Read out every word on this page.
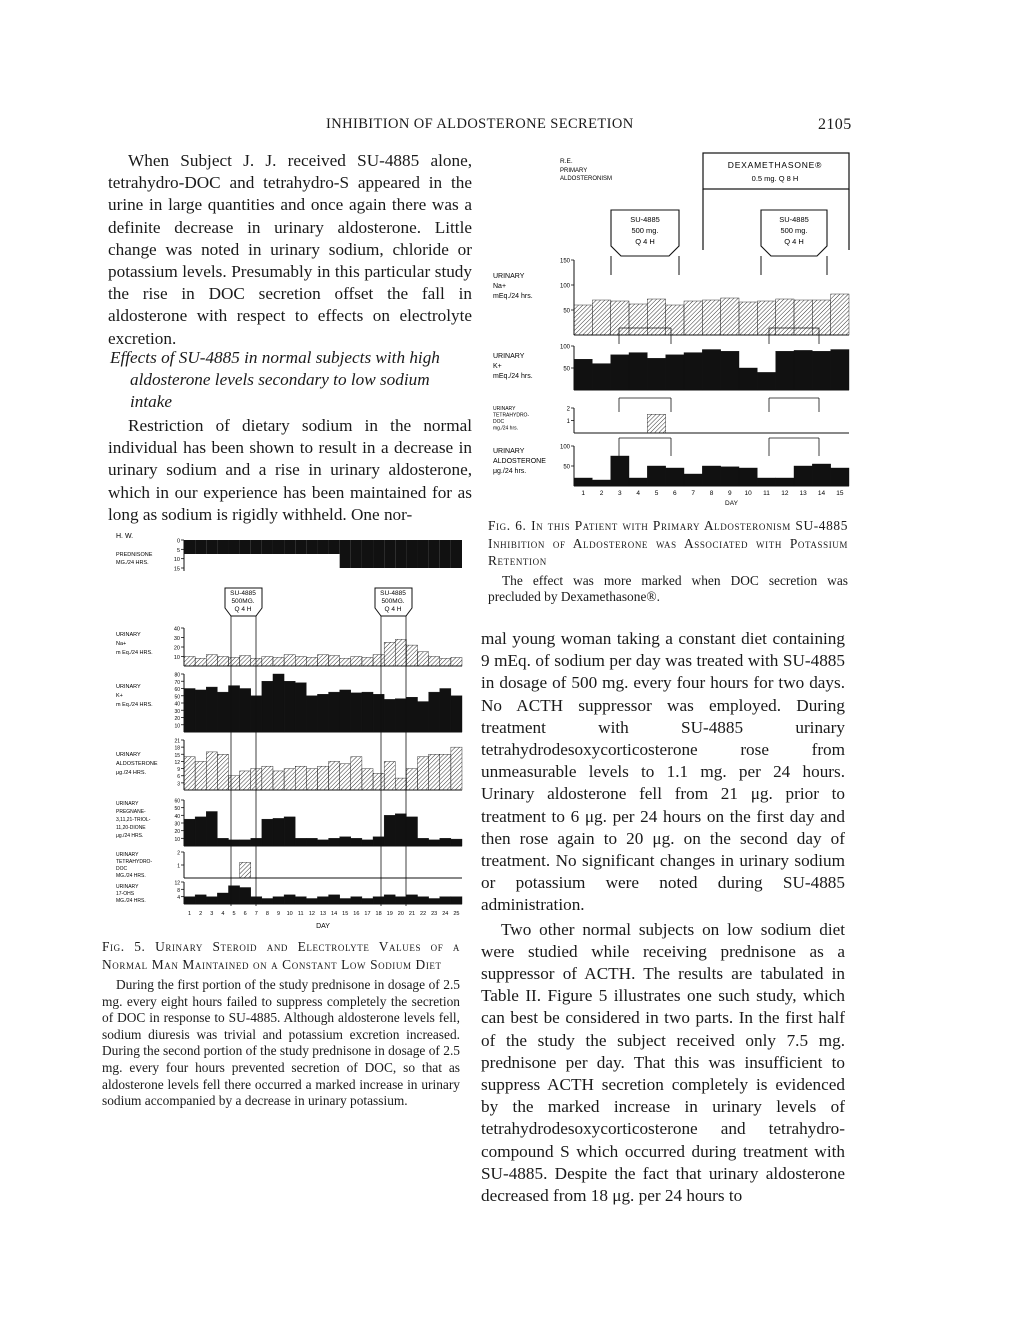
INHIBITION OF ALDOSTERONE SECRETION	2105

When Subject J. J. received SU-4885 alone, tetrahydro-DOC and tetrahydro-S appeared in the urine in large quantities and once again there was a definite decrease in urinary aldosterone. Little change was noted in urinary sodium, chloride or potassium levels. Presumably in this particular study the rise in DOC secretion offset the fall in aldosterone with respect to effects on electrolyte excretion.

Effects of SU-4885 in normal subjects with high aldosterone levels secondary to low sodium intake

Restriction of dietary sodium in the normal individual has been shown to result in a decrease in urinary sodium and a rise in urinary aldosterone, which in our experience has been maintained for as long as sodium is rigidly withheld. One nor-

mal young woman taking a constant diet containing 9 mEq. of sodium per day was treated with SU-4885 in dosage of 500 mg. every four hours for two days. No ACTH suppressor was employed. During treatment with SU-4885 urinary tetrahydrodesoxycorticosterone rose from unmeasurable levels to 1.1 mg. per 24 hours. Urinary aldosterone fell from 21 μg. prior to treatment to 6 μg. per 24 hours on the first day and then rose again to 20 μg. on the second day of treatment. No significant changes in urinary sodium or potassium were noted during SU-4885 administration.

Two other normal subjects on low sodium diet were studied while receiving prednisone as a suppressor of ACTH. The results are tabulated in Table II. Figure 5 illustrates one such study, which can best be considered in two parts. In the first half of the study the subject received only 7.5 mg. prednisone per day. That this was insufficient to suppress ACTH secretion completely is evidenced by the marked increase in urinary levels of tetrahydrodesoxycorticosterone and tetrahydro-compound S which occurred during treatment with SU-4885. Despite the fact that urinary aldosterone decreased from 18 μg. per 24 hours to

R.E.
PRIMARY
ALDOSTERONISM
DEXAMETHASONE®
0.5 mg. Q 8 H
SU-4885
500 mg.
Q 4 H
SU-4885
500 mg.
Q 4 H
50
100
150
URINARY
Na+
mEq./24 hrs.
50
100
URINARY
K+
mEq./24 hrs.
1
2
URINARY
TETRAHYDRO-
DOC
mg./24 hrs.
50
100
URINARY
ALDOSTERONE
μg./24 hrs.
1 2 3 4 5 6 7 8 9 10 11 12 13 14 15
DAY
Fig. 6. In this Patient with Primary Aldosteronism SU-4885 Inhibition of Aldosterone was Associated with Potassium Retention
The effect was more marked when DOC secretion was precluded by Dexamethasone®.
H. W.
SU-4885
500MG.
Q 4 H
SU-4885
500MG.
Q 4 H
0
5
10
15
PREDNISONE
MG./24 HRS.
10
20
30
40
URINARY
Na+
m Eq./24 HRS.
10
20
30
40
50
60
70
80
URINARY
K+
m Eq./24 HRS.
3
6
9
12
15
18
21
URINARY
ALDOSTERONE
μg./24 HRS.
10
20
30
40
50
60
URINARY
PREGNANE-
3,11,21-TRIOL-
11,20-DIONE
μg./24 HRS.
1
2
URINARY
TETRAHYDRO-
DOC
MG./24 HRS.
4
8
12
URINARY
17-OHS
MG./24 HRS.
1 2 3 4 5 6 7 8 9 10 11 12 13 14 15 16 17 18 19 20 21 22 23 24 25
DAY
Fig. 5. Urinary Steroid and Electrolyte Values of a Normal Man Maintained on a Constant Low Sodium Diet
During the first portion of the study prednisone in dosage of 2.5 mg. every eight hours failed to suppress completely the secretion of DOC in response to SU-4885. Although aldosterone levels fell, sodium diuresis was trivial and potassium excretion increased. During the second portion of the study prednisone in dosage of 2.5 mg. every four hours prevented secretion of DOC, so that as aldosterone levels fell there occurred a marked increase in urinary sodium accompanied by a decrease in urinary potassium.
